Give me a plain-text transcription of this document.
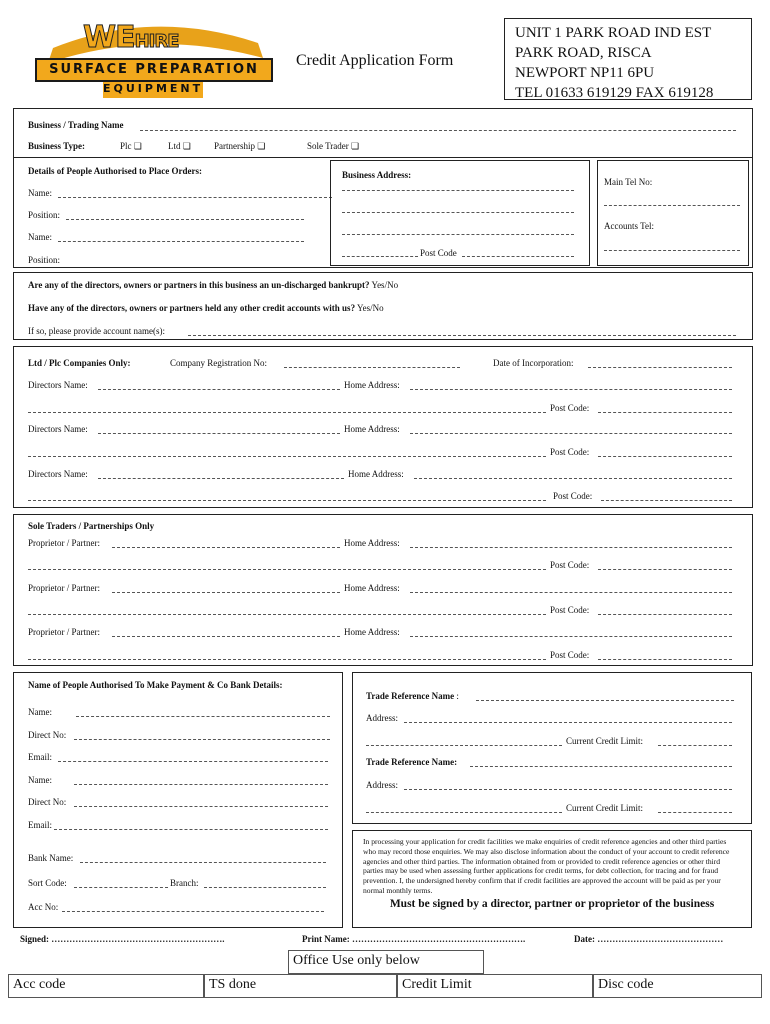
WEHIRE
SURFACE PREPARATION
EQUIPMENT
Credit Application Form
UNIT 1 PARK ROAD IND EST
PARK ROAD, RISCA
NEWPORT NP11 6PU
TEL 01633 619129 FAX 619128
Business / Trading Name
Business Type:	Plc ❏	Ltd ❏	Partnership ❏	Sole Trader ❏
Details of People Authorised to Place Orders:
Name:
Position:
Name:
Position:
Business Address:
Post Code
Main Tel No:
Accounts Tel:
Are any of the directors, owners or partners in this business an un-discharged bankrupt? Yes/No
Have any of the directors, owners or partners held any other credit accounts with us? Yes/No
If so, please provide account name(s):
Ltd / Plc Companies Only:	Company Registration No:	Date of Incorporation:
Directors Name:	Home Address:
Post Code:
Directors Name:	Home Address:
Post Code:
Directors Name:	Home Address:
Post Code:
Sole Traders / Partnerships Only
Proprietor / Partner:	Home Address:
Post Code:
Proprietor / Partner:	Home Address:
Post Code:
Proprietor / Partner:	Home Address:
Post Code:
Name of People Authorised To Make Payment & Co Bank Details:
Name:
Direct No:
Email:
Name:
Direct No:
Email:
Bank Name:
Sort Code:	Branch:
Acc No:
Trade Reference Name :
Address:
Current Credit Limit:
Trade Reference Name:
Address:
Current Credit Limit:
In processing your application for credit facilities we make enquiries of credit reference agencies and other third parties who may record those enquiries. We may also disclose information about the conduct of your account to credit reference agencies and other third parties. The information obtained from or provided to credit reference agencies or other third parties may be used when assessing further applications for credit terms, for debt collection, for tracing and for fraud prevention. I, the undersigned hereby confirm that if credit facilities are approved the account will be paid as per your normal monthly terms.
Must be signed by a director, partner or proprietor of the business
Signed: ………………………………………………….	Print Name: ………………………………………………….	Date: ……………………………………
Office Use only below
Acc code	TS done	Credit Limit	Disc code
